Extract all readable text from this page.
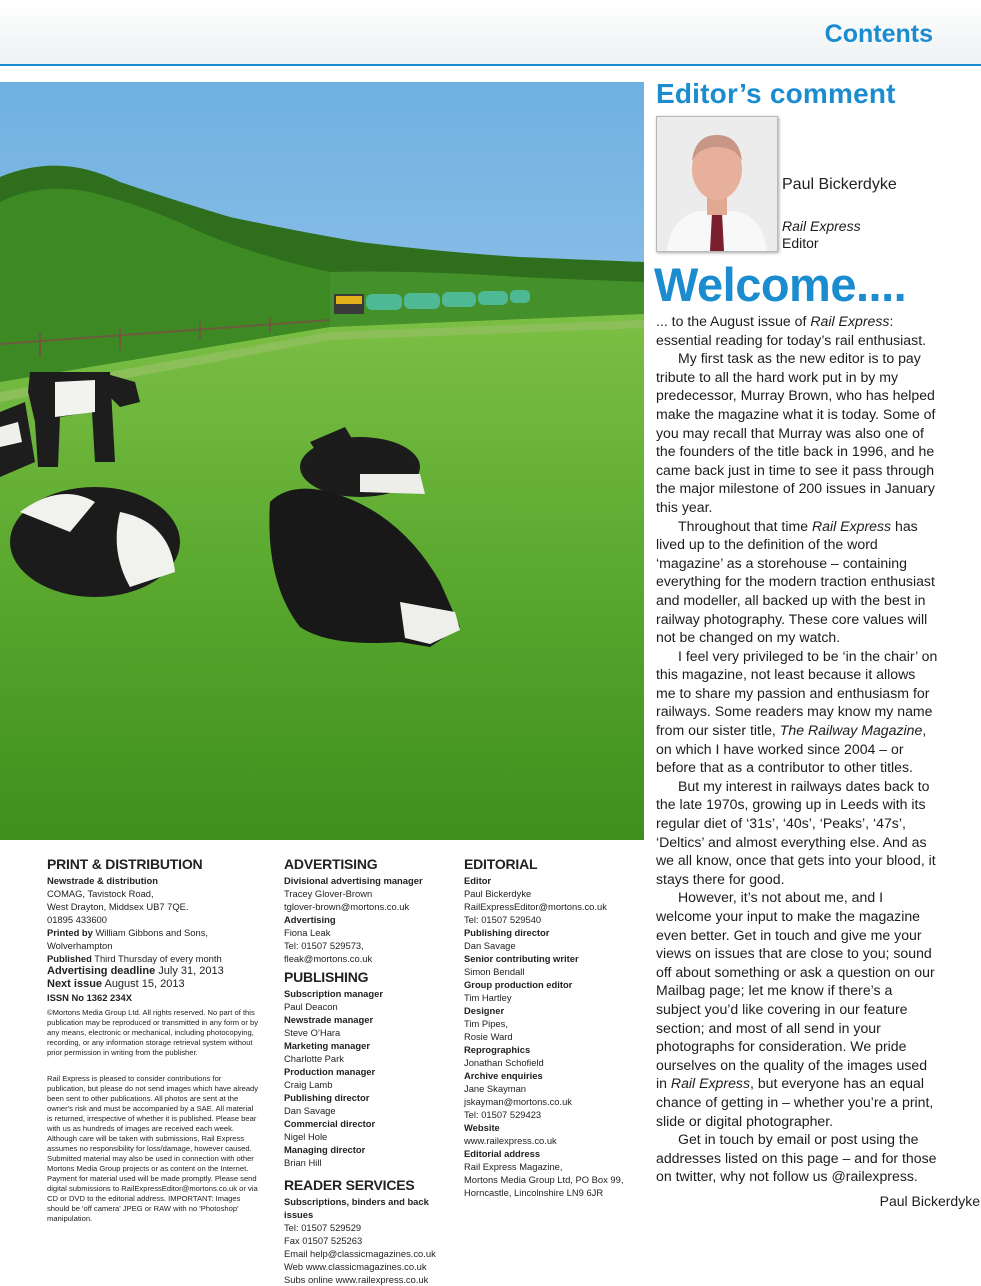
Contents
Editor’s comment
Paul Bickerdyke
Rail Express
Editor
Welcome....

... to the August issue of Rail Express: essential reading for today’s rail enthusiast.

My first task as the new editor is to pay tribute to all the hard work put in by my predecessor, Murray Brown, who has helped make the magazine what it is today. Some of you may recall that Murray was also one of the founders of the title back in 1996, and he came back just in time to see it pass through the major milestone of 200 issues in January this year.

Throughout that time Rail Express has lived up to the definition of the word ‘magazine’ as a storehouse – containing everything for the modern traction enthusiast and modeller, all backed up with the best in railway photography. These core values will not be changed on my watch.

I feel very privileged to be ‘in the chair’ on this magazine, not least because it allows me to share my passion and enthusiasm for railways. Some readers may know my name from our sister title, The Railway Magazine, on which I have worked since 2004 – or before that as a contributor to other titles.

But my interest in railways dates back to the late 1970s, growing up in Leeds with its regular diet of ‘31s’, ‘40s’, ‘Peaks’, ‘47s’, ‘Deltics’ and almost everything else. And as we all know, once that gets into your blood, it stays there for good.

However, it’s not about me, and I welcome your input to make the magazine even better. Get in touch and give me your views on issues that are close to you; sound off about something or ask a question on our Mailbag page; let me know if there’s a subject you’d like covering in our feature section; and most of all send in your photographs for consideration. We pride ourselves on the quality of the images used in Rail Express, but everyone has an equal chance of getting in – whether you’re a print, slide or digital photographer.

Get in touch by email or post using the addresses listed on this page – and for those on twitter, why not follow us @railexpress.

Paul Bickerdyke
PRINT & DISTRIBUTION
Newstrade & distribution
COMAG, Tavistock Road,
West Drayton, Middsex UB7 7QE.
01895 433600
Printed by William Gibbons and Sons, Wolverhampton
Published Third Thursday of every month
Advertising deadline July 31, 2013
Next issue August 15, 2013
ISSN No 1362 234X
©Mortons Media Group Ltd. All rights reserved. No part of this publication may be reproduced or transmitted in any form or by any means, electronic or mechanical, including photocopying, recording, or any information storage retrieval system without prior permission in writing from the publisher.
Rail Express is pleased to consider contributions for publication, but please do not send images which have already been sent to other publications. All photos are sent at the owner's risk and must be accompanied by a SAE. All material is returned, irrespective of whether it is published. Please bear with us as hundreds of images are received each week. Although care will be taken with submissions, Rail Express assumes no responsibility for loss/damage, however caused. Submitted material may also be used in connection with other Mortons Media Group projects or as content on the Internet. Payment for material used will be made promptly. Please send digital submissions to RailExpressEditor@mortons.co.uk or via CD or DVD to the editorial address. IMPORTANT: Images should be 'off camera' JPEG or RAW with no 'Photoshop' manipulation.
ADVERTISING
Divisional advertising manager
Tracey Glover-Brown
tglover-brown@mortons.co.uk
Advertising
Fiona Leak
Tel: 01507 529573, fleak@mortons.co.uk
PUBLISHING
Subscription manager
Paul Deacon
Newstrade manager
Steve O’Hara
Marketing manager
Charlotte Park
Production manager
Craig Lamb
Publishing director
Dan Savage
Commercial director
Nigel Hole
Managing director
Brian Hill
READER SERVICES
Subscriptions, binders and back issues
Tel: 01507 529529
Fax 01507 525263
Email help@classicmagazines.co.uk
Web www.classicmagazines.co.uk
Subs online www.railexpress.co.uk
EDITORIAL
Editor
Paul Bickerdyke
RailExpressEditor@mortons.co.uk
Tel: 01507 529540
Publishing director
Dan Savage
Senior contributing writer
Simon Bendall
Group production editor
Tim Hartley
Designer
Tim Pipes,
Rosie Ward
Reprographics
Jonathan Schofield
Archive enquiries
Jane Skayman
jskayman@mortons.co.uk
Tel: 01507 529423
Website
www.railexpress.co.uk
Editorial address
Rail Express Magazine,
Mortons Media Group Ltd, PO Box 99,
Horncastle, Lincolnshire LN9 6JR
